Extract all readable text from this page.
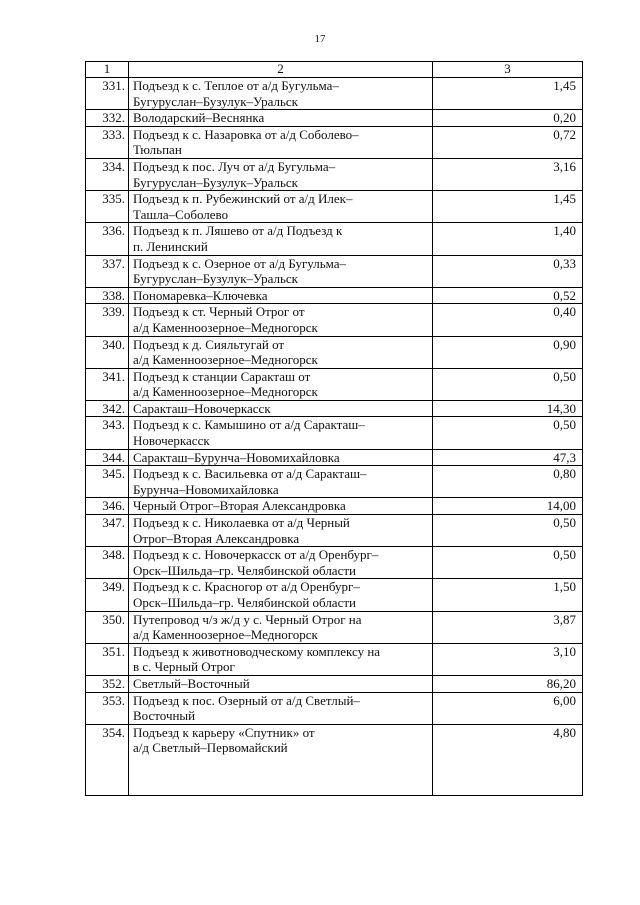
17
1	2	3
331.	Подъезд к с. Теплое от а/д Бугульма–
Бугуруслан–Бузулук–Уральск	1,45
332.	Володарский–Веснянка	0,20
333.	Подъезд к с. Назаровка от а/д Соболево–
Тюльпан	0,72
334.	Подъезд к пос. Луч от а/д Бугульма–
Бугуруслан–Бузулук–Уральск	3,16
335.	Подъезд к п. Рубежинский от а/д Илек–
Ташла–Соболево	1,45
336.	Подъезд к п. Ляшево от а/д Подъезд к
п. Ленинский	1,40
337.	Подъезд к с. Озерное от а/д Бугульма–
Бугуруслан–Бузулук–Уральск	0,33
338.	Пономаревка–Ключевка	0,52
339.	Подъезд к ст. Черный Отрог от
а/д Каменноозерное–Медногорск	0,40
340.	Подъезд к д. Сияльтугай от
а/д Каменноозерное–Медногорск	0,90
341.	Подъезд к станции Саракташ от
а/д Каменноозерное–Медногорск	0,50
342.	Саракташ–Новочеркасск	14,30
343.	Подъезд к с. Камышино от а/д Саракташ–
Новочеркасск	0,50
344.	Саракташ–Бурунча–Новомихайловка	47,3
345.	Подъезд к с. Васильевка от а/д Саракташ–
Бурунча–Новомихайловка	0,80
346.	Черный Отрог–Вторая Александровка	14,00
347.	Подъезд к с. Николаевка от а/д Черный
Отрог–Вторая Александровка	0,50
348.	Подъезд к с. Новочеркасск от а/д Оренбург–
Орск–Шильда–гр. Челябинской области	0,50
349.	Подъезд к с. Красногор от а/д Оренбург–
Орск–Шильда–гр. Челябинской области	1,50
350.	Путепровод ч/з ж/д у с. Черный Отрог на
а/д Каменноозерное–Медногорск	3,87
351.	Подъезд к животноводческому комплексу на
в с. Черный Отрог	3,10
352.	Светлый–Восточный	86,20
353.	Подъезд к пос. Озерный от а/д Светлый–
Восточный	6,00
354.	Подъезд к карьеру «Спутник» от
а/д Светлый–Первомайский	4,80
